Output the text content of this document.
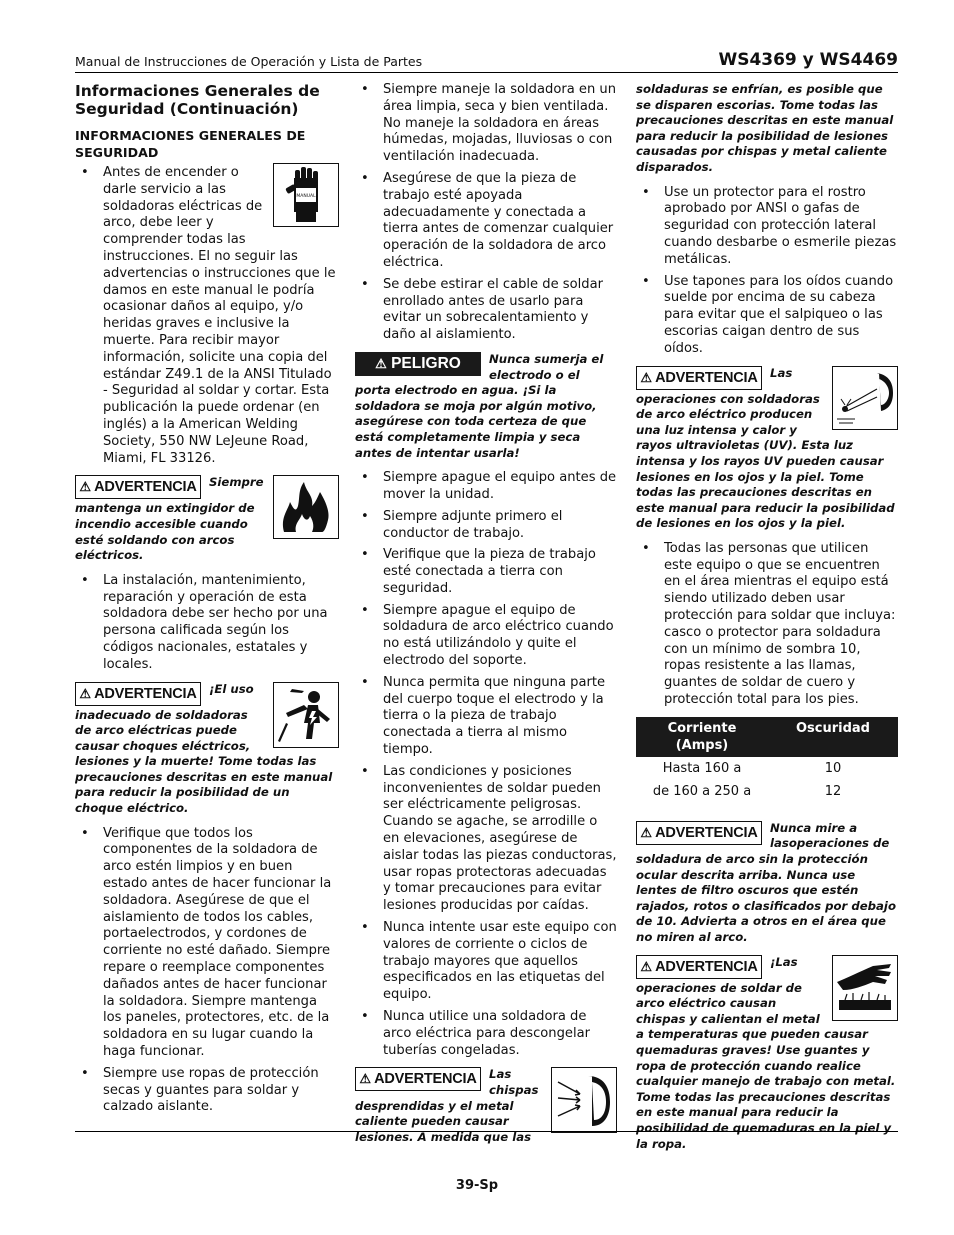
Manual de Instrucciones de Operación y Lista de Partes	WS4369 y WS4469
Informaciones Generales de Seguridad (Continuación)
INFORMACIONES GENERALES DE SEGURIDAD
MANUAL
• Antes de encender o darle servicio a las soldadoras eléctricas de arco, debe leer y comprender todas las instrucciones. El no seguir las advertencias o instrucciones que le damos en este manual le podría ocasionar daños al equipo, y/o heridas graves e inclusive la muerte. Para recibir mayor información, solicite una copia del estándar Z49.1 de la ANSI Titulado - Seguridad al soldar y cortar. Esta publicación la puede ordenar (en inglés) a la American Welding Society, 550 NW LeJeune Road, Miami, FL 33126.
⚠ ADVERTENCIA	Siempre mantenga un extingidor de incendio accesible cuando esté soldando con arcos eléctricos.
• La instalación, mantenimiento, reparación y operación de esta soldadora debe ser hecho por una persona calificada según los códigos nacionales, estatales y locales.
⚠ ADVERTENCIA	¡El uso inadecuado de soldadoras de arco eléctricas puede causar choques eléctricos, lesiones y la muerte! Tome todas las precauciones descritas en este manual para reducir la posibilidad de un choque eléctrico.
• Verifique que todos los componentes de la soldadora de arco estén limpios y en buen estado antes de hacer funcionar la soldadora. Asegúrese de que el aislamiento de todos los cables, portaelectrodos, y cordones de corriente no esté dañado. Siempre repare o reemplace componentes dañados antes de hacer funcionar la soldadora. Siempre mantenga los paneles, protectores, etc. de la soldadora en su lugar cuando la haga funcionar.
• Siempre use ropas de protección secas y guantes para soldar y calzado aislante.
• Siempre maneje la soldadora en un área limpia, seca y bien ventilada. No maneje la soldadora en áreas húmedas, mojadas, lluviosas o con ventilación inadecuada.
• Asegúrese de que la pieza de trabajo esté apoyada adecuadamente y conectada a tierra antes de comenzar cualquier operación de la soldadora de arco eléctrica.
• Se debe estirar el cable de soldar enrollado antes de usarlo para evitar un sobrecalentamiento y daño al aislamiento.
⚠ PELIGRO	Nunca sumerja el electrodo o el porta electrodo en agua. ¡Si la soldadora se moja por algún motivo, asegúrese con toda certeza de que está completamente limpia y seca antes de intentar usarla!
• Siempre apague el equipo antes de mover la unidad.
• Siempre adjunte primero el conductor de trabajo.
• Verifique que la pieza de trabajo esté conectada a tierra con seguridad.
• Siempre apague el equipo de soldadura de arco eléctrico cuando no está utilizándolo y quite el electrodo del soporte.
• Nunca permita que ninguna parte del cuerpo toque el electrodo y la tierra o la pieza de trabajo conectada a tierra al mismo tiempo.
• Las condiciones y posiciones inconvenientes de soldar pueden ser eléctricamente peligrosas. Cuando se agache, se arrodille o en elevaciones, asegúrese de aislar todas las piezas conductoras, usar ropas protectoras adecuadas y tomar precauciones para evitar lesiones producidas por caídas.
• Nunca intente usar este equipo con valores de corriente o ciclos de trabajo mayores que aquellos especificados en las etiquetas del equipo.
• Nunca utilice una soldadora de arco eléctrica para descongelar tuberías congeladas.
⚠ ADVERTENCIA	Las chispas desprendidas y el metal caliente pueden causar lesiones. A medida que las
soldaduras se enfrían, es posible que se disparen escorias. Tome todas las precauciones descritas en este manual para reducir la posibilidad de lesiones causadas por chispas y metal caliente disparados.
• Use un protector para el rostro aprobado por ANSI o gafas de seguridad con protección lateral cuando desbarbe o esmerile piezas metálicas.
• Use tapones para los oídos cuando suelde por encima de su cabeza para evitar que el salpiqueo o las escorias caigan dentro de sus oídos.
⚠ ADVERTENCIA	Las operaciones con soldadoras de arco eléctrico producen una luz intensa y calor y rayos ultravioletas (UV). Esta luz intensa y los rayos UV pueden causar lesiones en los ojos y la piel. Tome todas las precauciones descritas en este manual para reducir la posibilidad de lesiones en los ojos y la piel.
• Todas las personas que utilicen este equipo o que se encuentren en el área mientras el equipo está siendo utilizado deben usar protección para soldar que incluya: casco o protector para soldadura con un mínimo de sombra 10, ropas resistente a las llamas, guantes de soldar de cuero y protección total para los pies.
Corriente (Amps)	Oscuridad
Hasta 160 a	10
de 160 a 250 a	12
⚠ ADVERTENCIA	Nunca mire a lasoperaciones de soldadura de arco sin la protección ocular descrita arriba. Nunca use lentes de filtro oscuros que estén rajados, rotos o clasificados por debajo de 10. Advierta a otros en el área que no miren al arco.
⚠ ADVERTENCIA	¡Las operaciones de soldar de arco eléctrico causan chispas y calientan el metal a temperaturas que pueden causar quemaduras graves! Use guantes y ropa de protección cuando realice cualquier manejo de trabajo con metal. Tome todas las precauciones descritas en este manual para reducir la posibilidad de quemaduras en la piel y la ropa.
39-Sp
